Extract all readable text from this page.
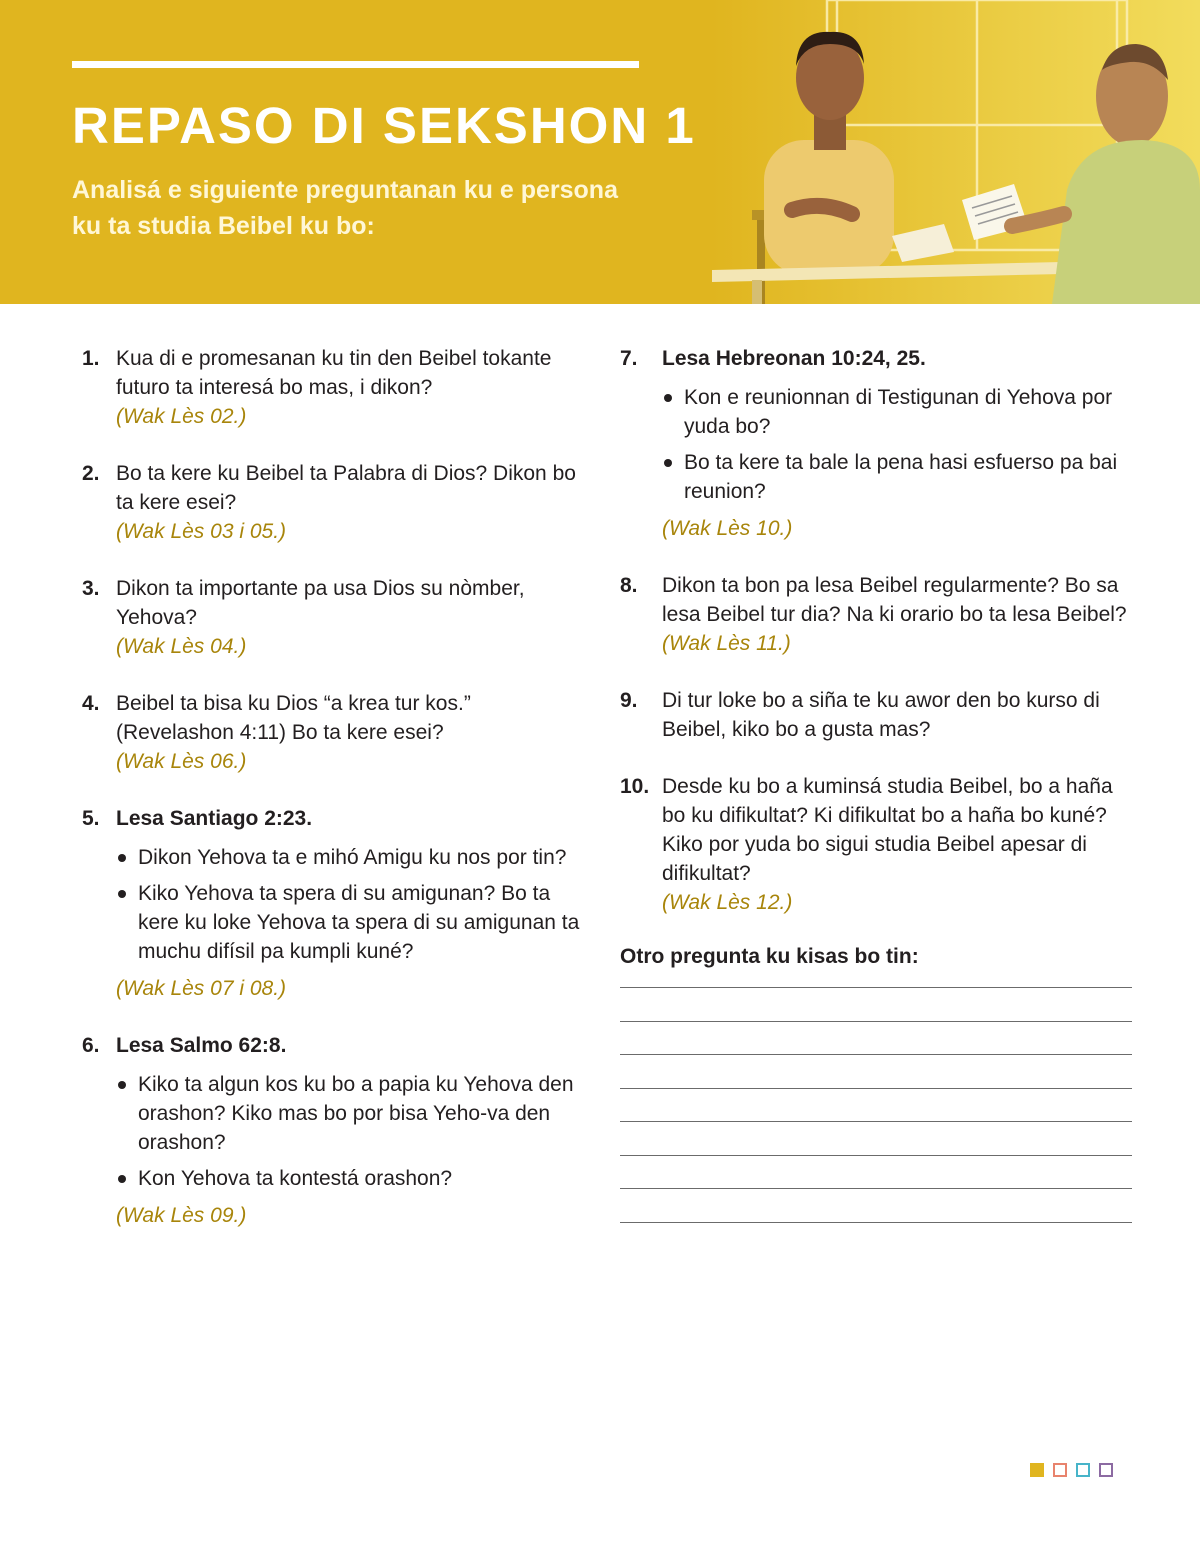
REPASO DI SEKSHON 1

Analisá e siguiente preguntanan ku e persona ku ta studia Beibel ku bo:

1. Kua di e promesanan ku tin den Beibel tokante futuro ta interesá bo mas, i dikon?
(Wak Lès 02.)
2. Bo ta kere ku Beibel ta Palabra di Dios? Dikon bo ta kere esei?
(Wak Lès 03 i 05.)
3. Dikon ta importante pa usa Dios su nòmber, Yehova?
(Wak Lès 04.)
4. Beibel ta bisa ku Dios “a krea tur kos.” (Revelashon 4:11) Bo ta kere esei?
(Wak Lès 06.)
5. Lesa Santiago 2:23.
Dikon Yehova ta e mihó Amigu ku nos por tin?
Kiko Yehova ta spera di su amigunan? Bo ta kere ku loke Yehova ta spera di su amigunan ta muchu difísil pa kumpli kuné?
(Wak Lès 07 i 08.)
6. Lesa Salmo 62:8.
Kiko ta algun kos ku bo a papia ku Yehova den orashon? Kiko mas bo por bisa Yeho-va den orashon?
Kon Yehova ta kontestá orashon?
(Wak Lès 09.)
7. Lesa Hebreonan 10:24, 25.
Kon e reunionnan di Testigunan di Yehova por yuda bo?
Bo ta kere ta bale la pena hasi esfuerso pa bai reunion?
(Wak Lès 10.)
8. Dikon ta bon pa lesa Beibel regularmente? Bo sa lesa Beibel tur dia? Na ki orario bo ta lesa Beibel?
(Wak Lès 11.)
9. Di tur loke bo a siña te ku awor den bo kurso di Beibel, kiko bo a gusta mas?
10. Desde ku bo a kuminsá studia Beibel, bo a haña bo ku difikultat? Ki difikultat bo a haña bo kuné? Kiko por yuda bo sigui studia Beibel apesar di difikultat?
(Wak Lès 12.)
Otro pregunta ku kisas bo tin:
